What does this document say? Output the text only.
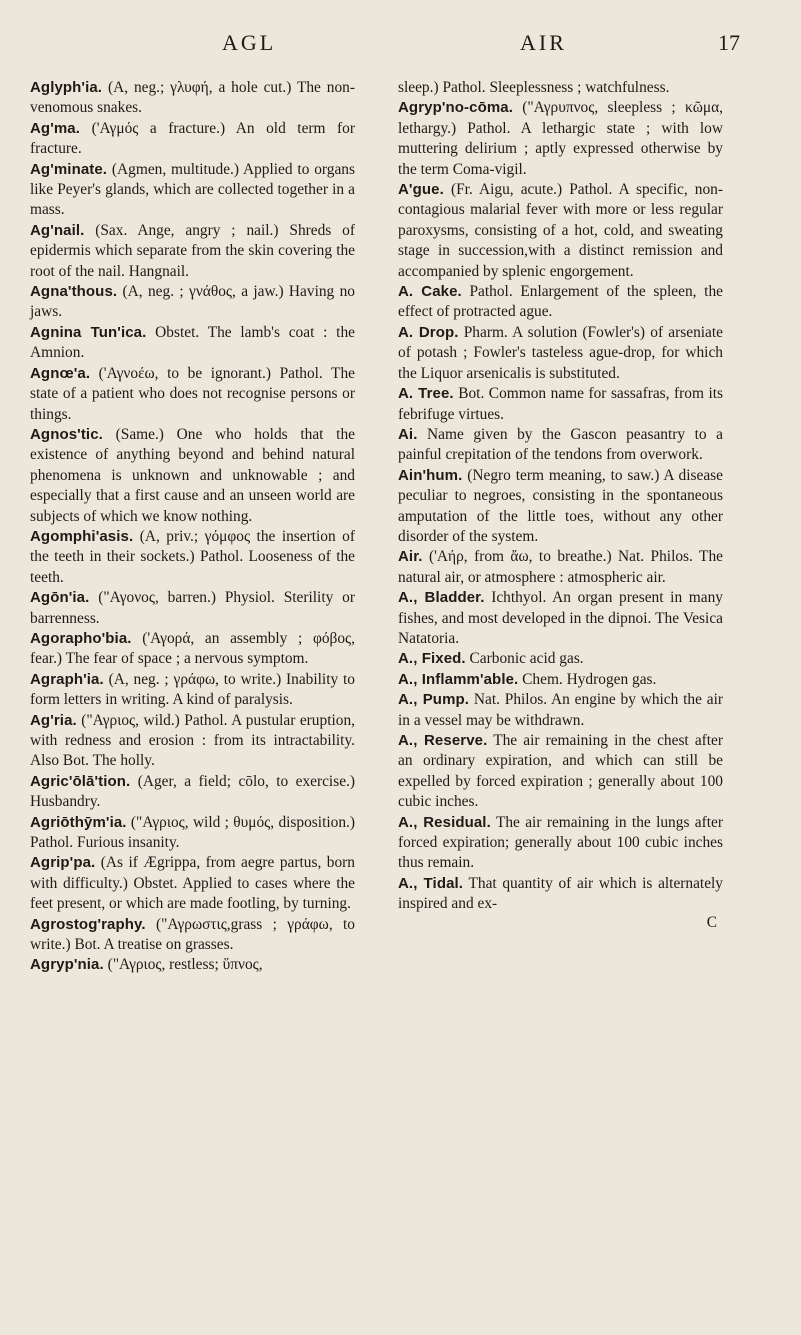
AGL	AIR	17

Aglyph'ia. (A, neg.; γλυφή, a hole cut.) The non-venomous snakes.

Ag'ma. ('Αγμός a fracture.) An old term for fracture.

Ag'minate. (Agmen, multitude.) Applied to organs like Peyer's glands, which are collected together in a mass.

Ag'nail. (Sax. Ange, angry ; nail.) Shreds of epidermis which separate from the skin covering the root of the nail. Hangnail.

Agna'thous. (A, neg. ; γνάθος, a jaw.) Having no jaws.

Agnina Tun'ica. Obstet. The lamb's coat : the Amnion.

Agnœ'a. ('Αγνοέω, to be ignorant.) Pathol. The state of a patient who does not recognise persons or things.

Agnos'tic. (Same.) One who holds that the existence of anything beyond and behind natural phenomena is unknown and unknowable ; and especially that a first cause and an unseen world are subjects of which we know nothing.

Agomphi'asis. (A, priv.; γόμφος the insertion of the teeth in their sockets.) Pathol. Looseness of the teeth.

Agōn'ia. ("Αγονος, barren.) Physiol. Sterility or barrenness.

Agorapho'bia. ('Αγορά, an assembly ; φόβος, fear.) The fear of space ; a nervous symptom.

Agraph'ia. (A, neg. ; γράφω, to write.) Inability to form letters in writing. A kind of paralysis.

Ag'ria. ("Αγριος, wild.) Pathol. A pustular eruption, with redness and erosion : from its intractability. Also Bot. The holly.

Agric'ōlā'tion. (Ager, a field; cōlo, to exercise.) Husbandry.

Agriōthȳm'ia. ("Αγριος, wild ; θυμός, disposition.) Pathol. Furious insanity.

Agrip'pa. (As if Ægrippa, from aegre partus, born with difficulty.) Obstet. Applied to cases where the feet present, or which are made footling, by turning.

Agrostog'raphy. ("Αγρωστις,grass ; γράφω, to write.) Bot. A treatise on grasses.

Agryp'nia. ("Αγριος, restless; ὕπνος,

sleep.) Pathol. Sleeplessness ; watchfulness.

Agryp'no-cōma. ("Αγρυπνος, sleepless ; κῶμα, lethargy.) Pathol. A lethargic state ; with low muttering delirium ; aptly expressed otherwise by the term Coma-vigil.

A'gue. (Fr. Aigu, acute.) Pathol. A specific, non-contagious malarial fever with more or less regular paroxysms, consisting of a hot, cold, and sweating stage in succession,with a distinct remission and accompanied by splenic engorgement.

A. Cake. Pathol. Enlargement of the spleen, the effect of protracted ague.

A. Drop. Pharm. A solution (Fowler's) of arseniate of potash ; Fowler's tasteless ague-drop, for which the Liquor arsenicalis is substituted.

A. Tree. Bot. Common name for sassafras, from its febrifuge virtues.

Ai. Name given by the Gascon peasantry to a painful crepitation of the tendons from overwork.

Ain'hum. (Negro term meaning, to saw.) A disease peculiar to negroes, consisting in the spontaneous amputation of the little toes, without any other disorder of the system.

Air. ('Αήρ, from ἄω, to breathe.) Nat. Philos. The natural air, or atmosphere : atmospheric air.

A., Bladder. Ichthyol. An organ present in many fishes, and most developed in the dipnoi. The Vesica Natatoria.

A., Fixed. Carbonic acid gas.

A., Inflamm'able. Chem. Hydrogen gas.

A., Pump. Nat. Philos. An engine by which the air in a vessel may be withdrawn.

A., Reserve. The air remaining in the chest after an ordinary expiration, and which can still be expelled by forced expiration ; generally about 100 cubic inches.

A., Residual. The air remaining in the lungs after forced expiration; generally about 100 cubic inches thus remain.

A., Tidal. That quantity of air which is alternately inspired and ex-

C
